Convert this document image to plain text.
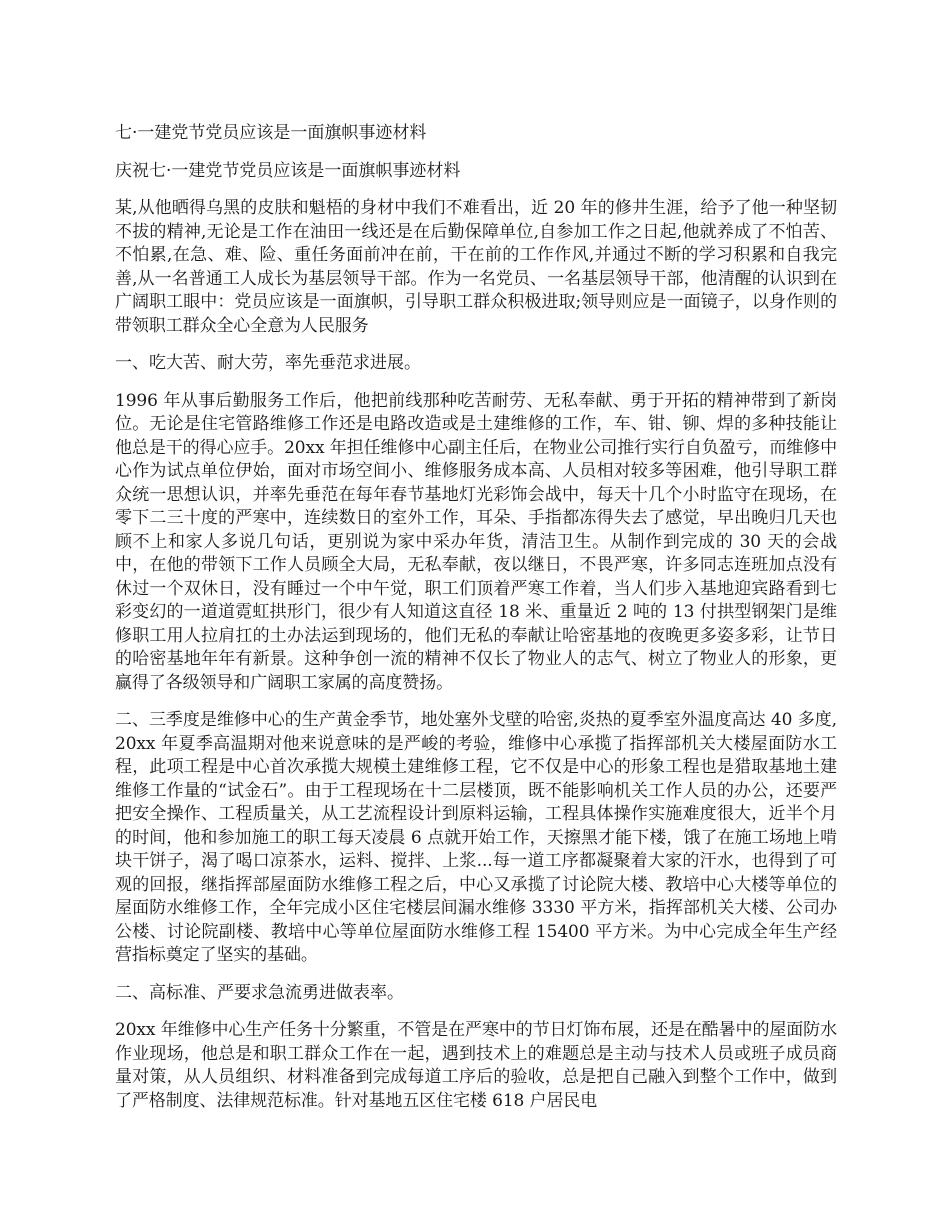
七·一建党节党员应该是一面旗帜事迹材料
庆祝七·一建党节党员应该是一面旗帜事迹材料
某,从他晒得乌黑的皮肤和魁梧的身材中我们不难看出，近 20 年的修井生涯，给予了他一种坚韧不拔的精神,无论是工作在油田一线还是在后勤保障单位,自参加工作之日起,他就养成了不怕苦、不怕累,在急、难、险、重任务面前冲在前，干在前的工作作风,并通过不断的学习积累和自我完善,从一名普通工人成长为基层领导干部。作为一名党员、一名基层领导干部，他清醒的认识到在广阔职工眼中：党员应该是一面旗帜，引导职工群众积极进取;领导则应是一面镜子，以身作则的带领职工群众全心全意为人民服务
一、吃大苦、耐大劳，率先垂范求进展。
1996 年从事后勤服务工作后，他把前线那种吃苦耐劳、无私奉献、勇于开拓的精神带到了新岗位。无论是住宅管路维修工作还是电路改造或是土建维修的工作，车、钳、铆、焊的多种技能让他总是干的得心应手。20xx 年担任维修中心副主任后，在物业公司推行实行自负盈亏，而维修中心作为试点单位伊始，面对市场空间小、维修服务成本高、人员相对较多等困难，他引导职工群众统一思想认识，并率先垂范在每年春节基地灯光彩饰会战中，每天十几个小时监守在现场，在零下二三十度的严寒中，连续数日的室外工作，耳朵、手指都冻得失去了感觉，早出晚归几天也顾不上和家人多说几句话，更别说为家中采办年货，清洁卫生。从制作到完成的 30 天的会战中，在他的带领下工作人员顾全大局，无私奉献，夜以继日，不畏严寒，许多同志连班加点没有休过一个双休日，没有睡过一个中午觉，职工们顶着严寒工作着，当人们步入基地迎宾路看到七彩变幻的一道道霓虹拱形门，很少有人知道这直径 18 米、重量近 2 吨的 13 付拱型钢架门是维修职工用人拉肩扛的土办法运到现场的，他们无私的奉献让哈密基地的夜晚更多姿多彩，让节日的哈密基地年年有新景。这种争创一流的精神不仅长了物业人的志气、树立了物业人的形象，更赢得了各级领导和广阔职工家属的高度赞扬。
二、三季度是维修中心的生产黄金季节，地处塞外戈壁的哈密,炎热的夏季室外温度高达 40 多度,20xx 年夏季高温期对他来说意味的是严峻的考验，维修中心承揽了指挥部机关大楼屋面防水工程，此项工程是中心首次承揽大规模土建维修工程，它不仅是中心的形象工程也是猎取基地土建维修工作量的“试金石”。由于工程现场在十二层楼顶，既不能影响机关工作人员的办公，还要严把安全操作、工程质量关，从工艺流程设计到原料运输，工程具体操作实施难度很大，近半个月的时间，他和参加施工的职工每天凌晨 6 点就开始工作，天擦黑才能下楼，饿了在施工场地上啃块干饼子，渴了喝口凉茶水，运料、搅拌、上浆...每一道工序都凝聚着大家的汗水，也得到了可观的回报，继指挥部屋面防水维修工程之后，中心又承揽了讨论院大楼、教培中心大楼等单位的屋面防水维修工作，全年完成小区住宅楼层间漏水维修 3330 平方米，指挥部机关大楼、公司办公楼、讨论院副楼、教培中心等单位屋面防水维修工程 15400 平方米。为中心完成全年生产经营指标奠定了坚实的基础。
二、高标准、严要求急流勇进做表率。
20xx 年维修中心生产任务十分繁重，不管是在严寒中的节日灯饰布展，还是在酷暑中的屋面防水作业现场，他总是和职工群众工作在一起，遇到技术上的难题总是主动与技术人员或班子成员商量对策，从人员组织、材料准备到完成每道工序后的验收，总是把自己融入到整个工作中，做到了严格制度、法律规范标准。针对基地五区住宅楼 618 户居民电
